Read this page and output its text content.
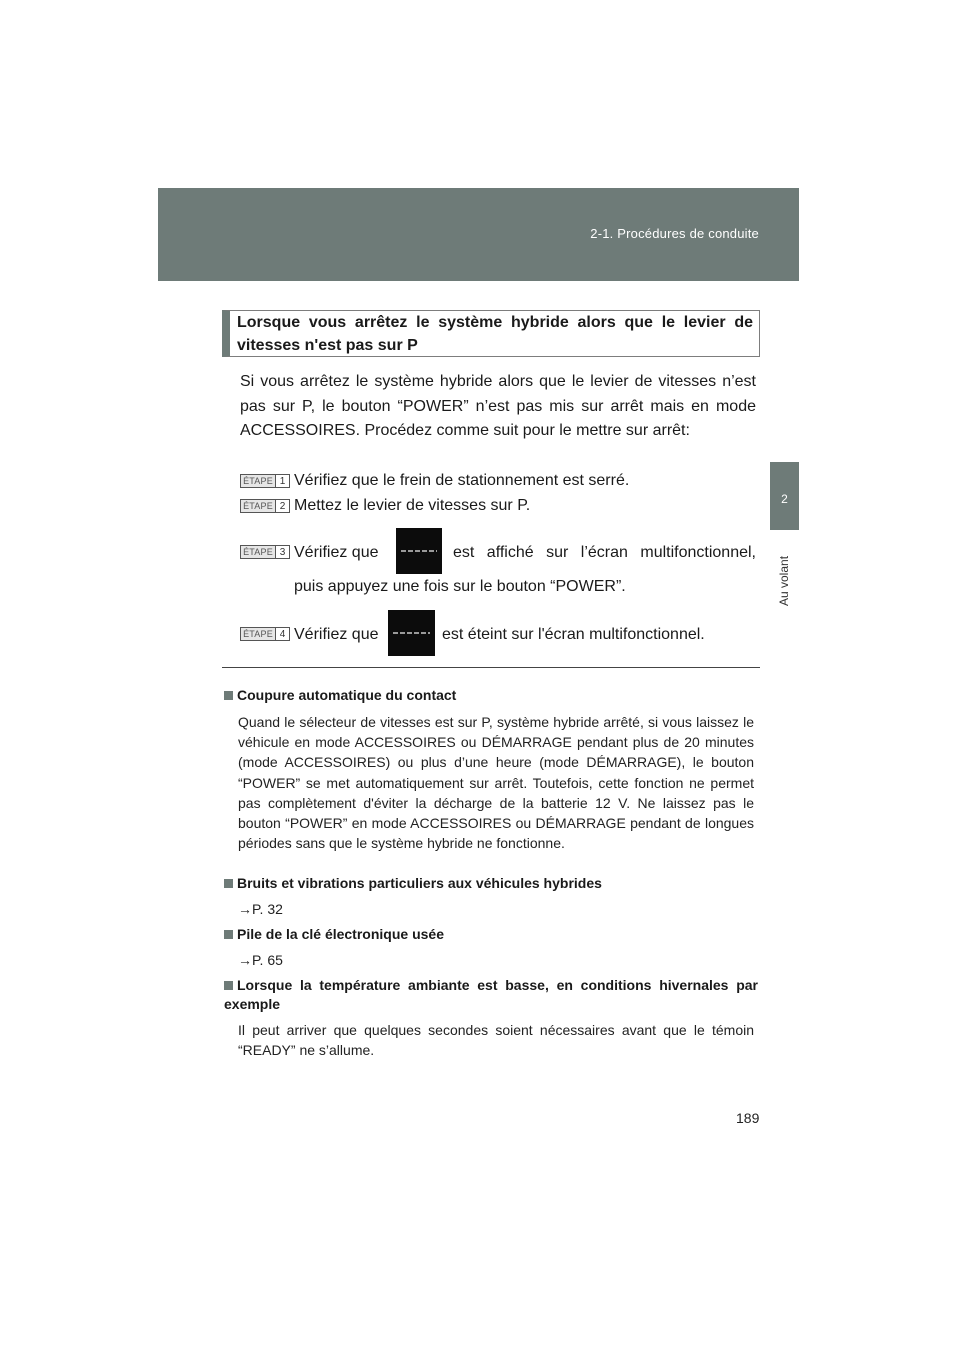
2-1. Procédures de conduite
2
Au volant
Lorsque vous arrêtez le système hybride alors que le levier de vitesses n'est pas sur P
Si vous arrêtez le système hybride alors que le levier de vitesses n’est pas sur P, le bouton “POWER” n’est pas mis sur arrêt mais en mode ACCESSOIRES. Procédez comme suit pour le mettre sur arrêt:
ÉTAPE 1 Vérifiez que le frein de stationnement est serré.
ÉTAPE 2 Mettez le levier de vitesses sur P.
ÉTAPE 3 Vérifiez que	est affiché sur l’écran multifonctionnel,
puis appuyez une fois sur le bouton “POWER”.
ÉTAPE 4 Vérifiez que	est éteint sur l'écran multifonctionnel.
Coupure automatique du contact
Quand le sélecteur de vitesses est sur P, système hybride arrêté, si vous laissez le véhicule en mode ACCESSOIRES ou DÉMARRAGE pendant plus de 20 minutes (mode ACCESSOIRES) ou plus d’une heure (mode DÉMARRAGE), le bouton “POWER” se met automatiquement sur arrêt. Toutefois, cette fonction ne permet pas complètement d'éviter la décharge de la batterie 12 V. Ne laissez pas le bouton “POWER” en mode ACCESSOIRES ou DÉMARRAGE pendant de longues périodes sans que le système hybride ne fonctionne.
Bruits et vibrations particuliers aux véhicules hybrides
→P. 32
Pile de la clé électronique usée
→P. 65
Lorsque la température ambiante est basse, en conditions hivernales par exemple
Il peut arriver que quelques secondes soient nécessaires avant que le témoin “READY” ne s’allume.
189
